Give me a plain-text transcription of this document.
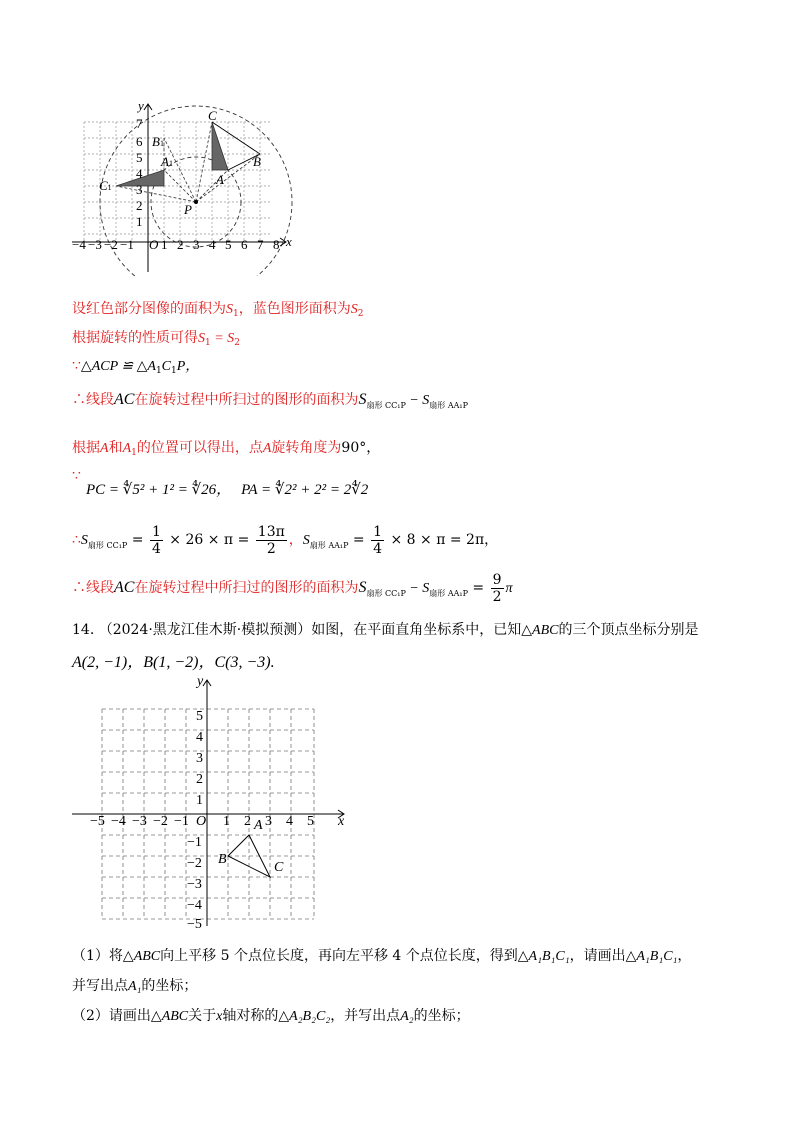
y
x
1
2
3
4
5
6
7
−4 −3 −2 −1 O 1 2 3 4 5 6 7 8
C
B
A
P
B1
A1
C1
设红色部分图像的面积为$S_1$，蓝色图形面积为$S_2$
根据旋转的性质可得$S_1 = S_2$
∵△ACP ≌ $\triangle A_1C_1P$，
∴线段AC在旋转过程中所扫过的图形的面积为$S_{扇形 CC_1P} - S_{扇形 AA_1P}$
根据A和$A_1$的位置可以得出，点A旋转角度为90°，
∵
PC = ∜5² + 1² = ∜26， PA = ∜2² + 2² = 2∜2
$\therefore S_{扇形 CC_1P} = \frac{1}{4} \times 26 \times \pi = \frac{13\pi}{2}$ ，$S_{扇形 AA_1P} = \frac{1}{4} \times 8 \times \pi = 2\pi$，
∴线段AC在旋转过程中所扫过的图形的面积为$S_{扇形 CC_1P} - S_{扇形 AA_1P} = \frac{9}{2}$ π
14. （2024·黑龙江佳木斯·模拟预测）如图，在平面直角坐标系中，已知△ABC的三个顶点坐标分别是
A(2, −1)，B(1, −2)，C(3, −3).
y
x
5
4
3
2
1
−1
−2
−3
−4
−5
−5 −4 −3 −2 −1 O 1 2 3 4 5
A
B
C
（1）将△ABC向上平移 5 个点位长度，再向左平移 4 个点位长度，得到△A₁B₁C₁，请画出△A₁B₁C₁，
并写出点A₁的坐标；
（2）请画出△ABC关于x轴对称的△A₂B₂C₂，并写出点A₂的坐标；
